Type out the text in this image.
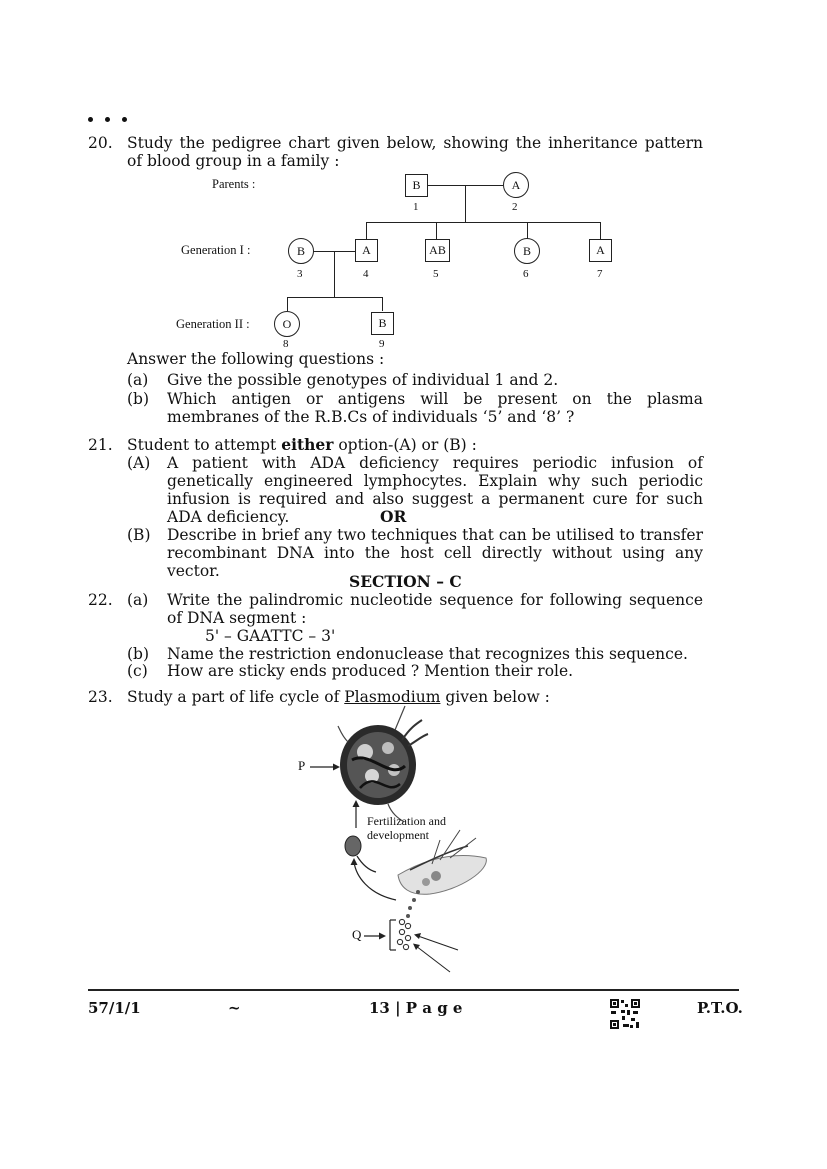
20. Study the pedigree chart given below, showing the inheritance pattern of blood group in a family :
Parents :
Generation I :
Generation II :
B
1
A
2
B
3
A
4
AB
5
B
6
A
7
O
8
B
9
Answer the following questions :
(a) Give the possible genotypes of individual 1 and 2.
(b) Which antigen or antigens will be present on the plasma membranes of the R.B.Cs of individuals ‘5’ and ‘8’ ?
21. Student to attempt either option-(A) or (B) :
(A) A patient with ADA deficiency requires periodic infusion of genetically engineered lymphocytes. Explain why such periodic infusion is required and also suggest a permanent cure for such ADA deficiency.	OR
(B) Describe in brief any two techniques that can be utilised to transfer recombinant DNA into the host cell directly without using any vector.
SECTION – C
22. (a) Write the palindromic nucleotide sequence for following sequence of DNA segment :
5' – GAATTC – 3'
(b) Name the restriction endonuclease that recognizes this sequence.
(c) How are sticky ends produced ? Mention their role.
23. Study a part of life cycle of Plasmodium given below :
P
Q
Fertilization and
development
57/1/1	~	13 | P a g e	P.T.O.
